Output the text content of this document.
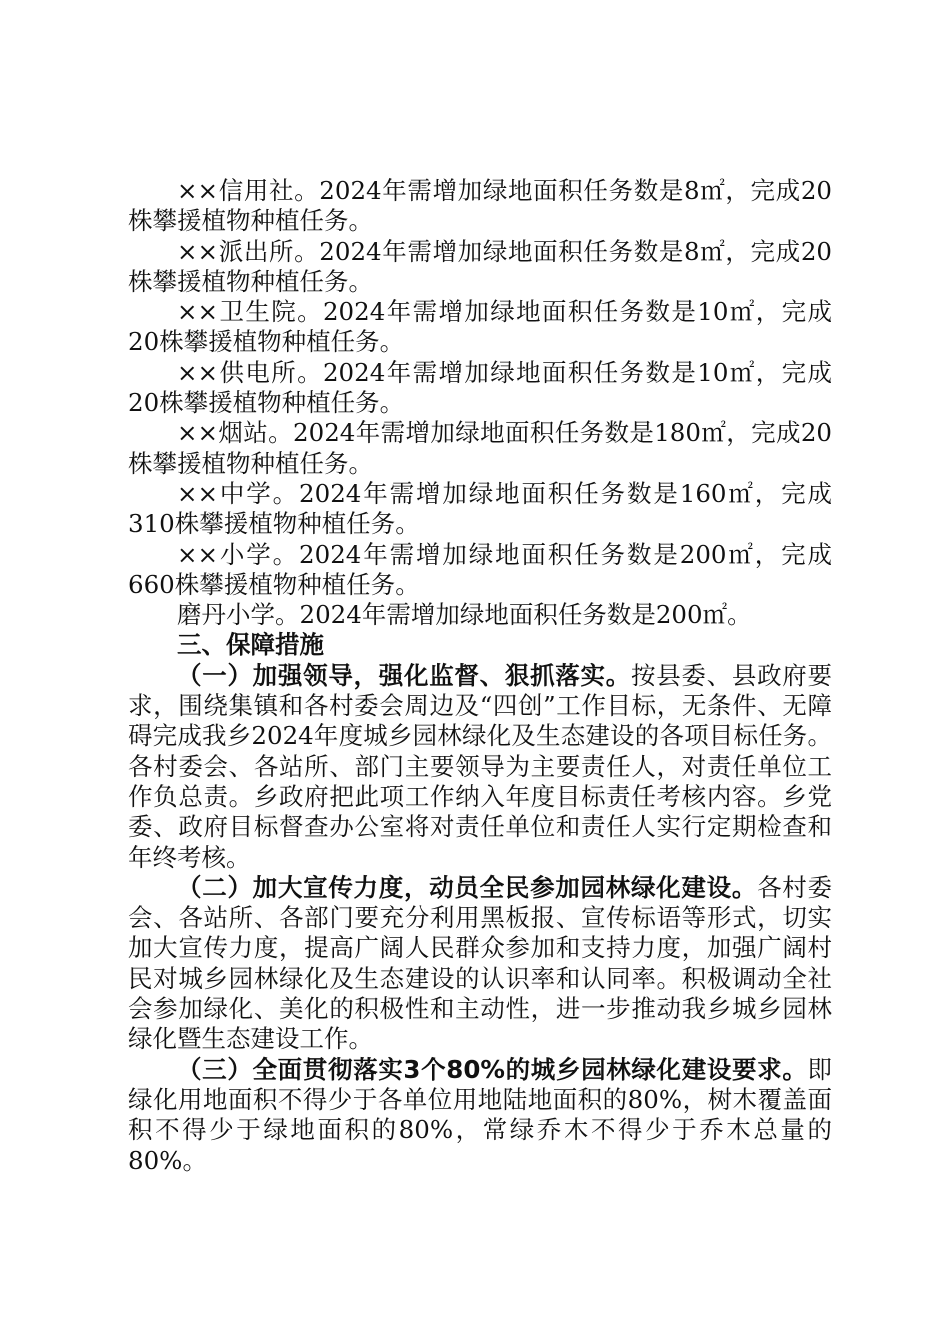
××信用社。2024年需增加绿地面积任务数是8㎡，完成20株攀援植物种植任务。

××派出所。2024年需增加绿地面积任务数是8㎡，完成20株攀援植物种植任务。

××卫生院。2024年需增加绿地面积任务数是10㎡，完成20株攀援植物种植任务。

××供电所。2024年需增加绿地面积任务数是10㎡，完成20株攀援植物种植任务。

××烟站。2024年需增加绿地面积任务数是180㎡，完成20株攀援植物种植任务。

××中学。2024年需增加绿地面积任务数是160㎡，完成310株攀援植物种植任务。

××小学。2024年需增加绿地面积任务数是200㎡，完成660株攀援植物种植任务。

磨丹小学。2024年需增加绿地面积任务数是200㎡。

三、保障措施

（一）加强领导，强化监督、狠抓落实。按县委、县政府要求，围绕集镇和各村委会周边及“四创”工作目标，无条件、无障碍完成我乡2024年度城乡园林绿化及生态建设的各项目标任务。各村委会、各站所、部门主要领导为主要责任人，对责任单位工作负总责。乡政府把此项工作纳入年度目标责任考核内容。乡党委、政府目标督查办公室将对责任单位和责任人实行定期检查和年终考核。

（二）加大宣传力度，动员全民参加园林绿化建设。各村委会、各站所、各部门要充分利用黑板报、宣传标语等形式，切实加大宣传力度，提高广阔人民群众参加和支持力度，加强广阔村民对城乡园林绿化及生态建设的认识率和认同率。积极调动全社会参加绿化、美化的积极性和主动性，进一步推动我乡城乡园林绿化暨生态建设工作。

（三）全面贯彻落实3个80%的城乡园林绿化建设要求。即绿化用地面积不得少于各单位用地陆地面积的80%，树木覆盖面积不得少于绿地面积的80%，常绿乔木不得少于乔木总量的80%。
